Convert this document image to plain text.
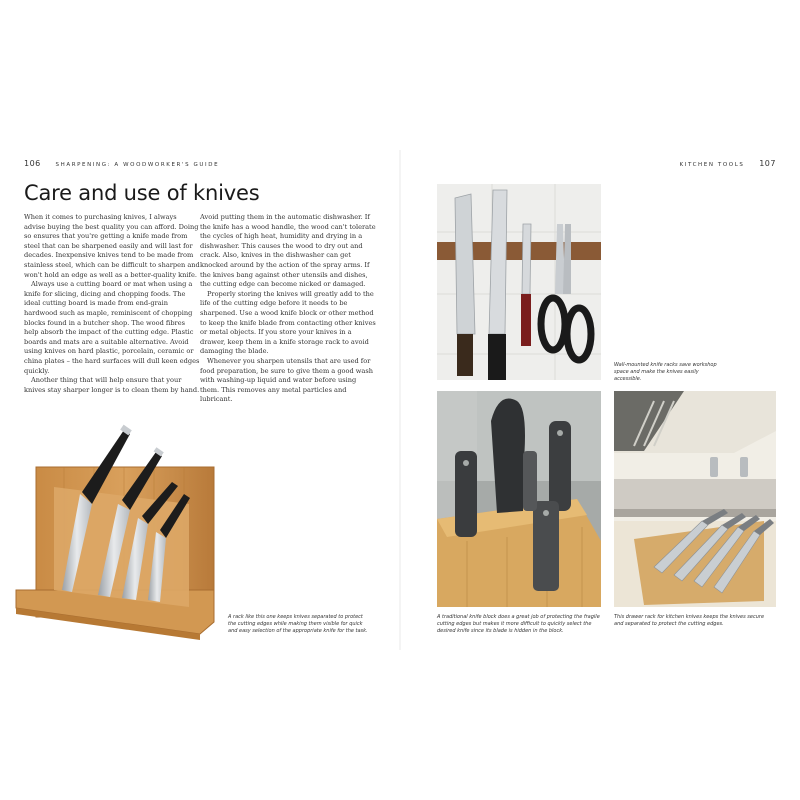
106	SHARPENING: A WOODWORKER'S GUIDE	KITCHEN TOOLS 107
Care and use of knives

When it comes to purchasing knives, I always advise buying the best quality you can afford. Doing so ensures that you're getting a knife made from steel that can be sharpened easily and will last for decades. Inexpensive knives tend to be made from stainless steel, which can be difficult to sharpen and won't hold an edge as well as a better-quality knife.

Always use a cutting board or mat when using a knife for slicing, dicing and chopping foods. The ideal cutting board is made from end-grain hardwood such as maple, reminiscent of chopping blocks found in a butcher shop. The wood fibres help absorb the impact of the cutting edge. Plastic boards and mats are a suitable alternative. Avoid using knives on hard plastic, porcelain, ceramic or china plates – the hard surfaces will dull keen edges quickly.

Another thing that will help ensure that your knives stay sharper longer is to clean them by hand.

Avoid putting them in the automatic dishwasher. If the knife has a wood handle, the wood can't tolerate the cycles of high heat, humidity and drying in a dishwasher. This causes the wood to dry out and crack. Also, knives in the dishwasher can get knocked around by the action of the spray arms. If the knives bang against other utensils and dishes, the cutting edge can become nicked or damaged.

Properly storing the knives will greatly add to the life of the cutting edge before it needs to be sharpened. Use a wood knife block or other method to keep the knife blade from contacting other knives or metal objects. If you store your knives in a drawer, keep them in a knife storage rack to avoid damaging the blade.

Whenever you sharpen utensils that are used for food preparation, be sure to give them a good wash with washing-up liquid and water before using them. This removes any metal particles and lubricant.

A rack like this one keeps knives separated to protect the cutting edges while making them visible for quick and easy selection of the appropriate knife for the task.
Wall-mounted knife racks save workshop space and make the knives easily accessible.
A traditional knife block does a great job of protecting the fragile cutting edges but makes it more difficult to quickly select the desired knife since its blade is hidden in the block.
This drawer rack for kitchen knives keeps the knives secure and separated to protect the cutting edges.
